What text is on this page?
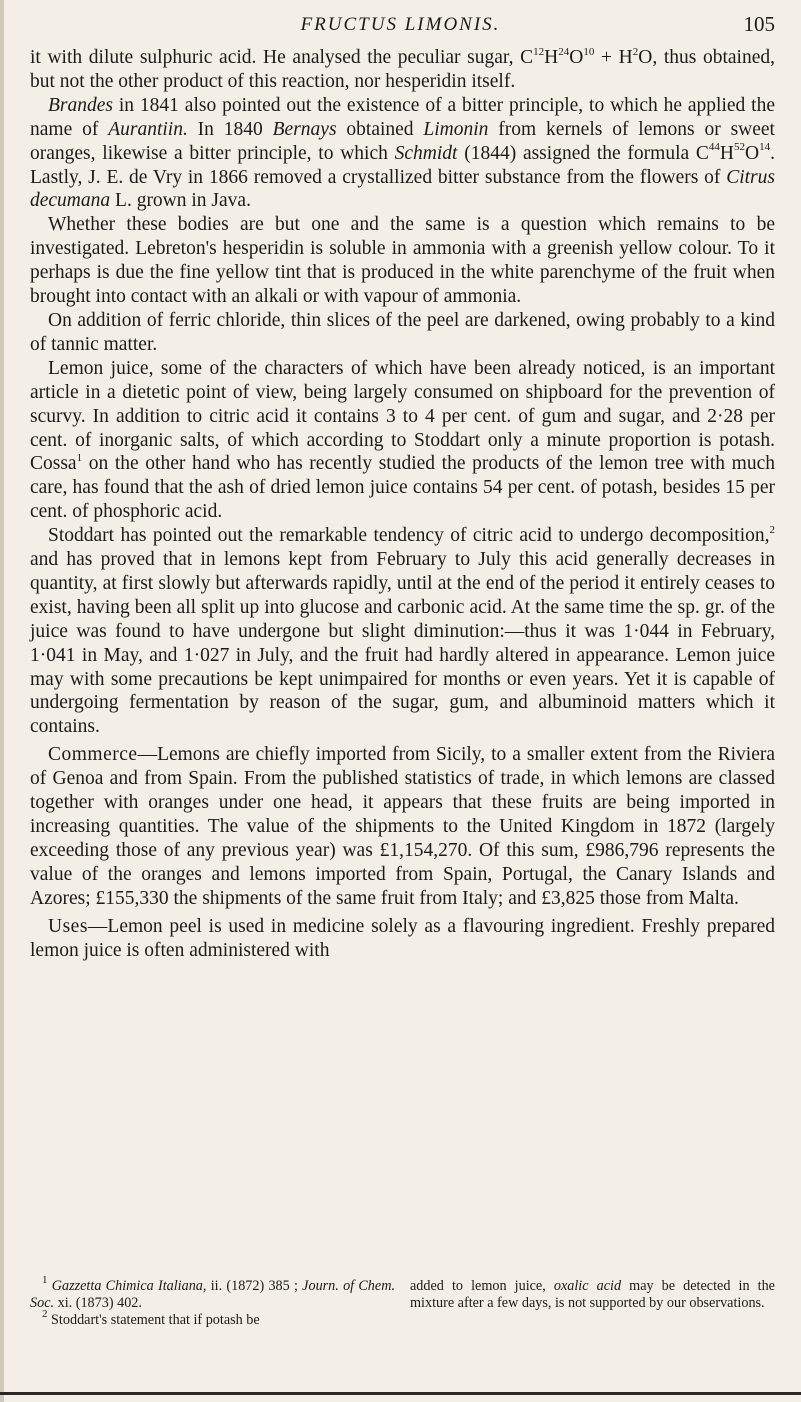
FRUCTUS LIMONIS.	105

it with dilute sulphuric acid. He analysed the peculiar sugar, $C^{12}H^{24}O^{10} + H^2O$, thus obtained, but not the other product of this reaction, nor hesperidin itself.

Brandes in 1841 also pointed out the existence of a bitter principle, to which he applied the name of Aurantiin. In 1840 Bernays obtained Limonin from kernels of lemons or sweet oranges, likewise a bitter principle, to which Schmidt (1844) assigned the formula $C^{44}H^{52}O^{14}$. Lastly, J. E. de Vry in 1866 removed a crystallized bitter substance from the flowers of Citrus decumana L. grown in Java.

Whether these bodies are but one and the same is a question which remains to be investigated. Lebreton's hesperidin is soluble in ammonia with a greenish yellow colour. To it perhaps is due the fine yellow tint that is produced in the white parenchyme of the fruit when brought into contact with an alkali or with vapour of ammonia.

On addition of ferric chloride, thin slices of the peel are darkened, owing probably to a kind of tannic matter.

Lemon juice, some of the characters of which have been already noticed, is an important article in a dietetic point of view, being largely consumed on shipboard for the prevention of scurvy. In addition to citric acid it contains 3 to 4 per cent. of gum and sugar, and 2·28 per cent. of inorganic salts, of which according to Stoddart only a minute proportion is potash. Cossa$^1$ on the other hand who has recently studied the products of the lemon tree with much care, has found that the ash of dried lemon juice contains 54 per cent. of potash, besides 15 per cent. of phosphoric acid.

Stoddart has pointed out the remarkable tendency of citric acid to undergo decomposition,$^2$ and has proved that in lemons kept from February to July this acid generally decreases in quantity, at first slowly but afterwards rapidly, until at the end of the period it entirely ceases to exist, having been all split up into glucose and carbonic acid. At the same time the sp. gr. of the juice was found to have undergone but slight diminution:—thus it was 1·044 in February, 1·041 in May, and 1·027 in July, and the fruit had hardly altered in appearance. Lemon juice may with some precautions be kept unimpaired for months or even years. Yet it is capable of undergoing fermentation by reason of the sugar, gum, and albuminoid matters which it contains.

Commerce—Lemons are chiefly imported from Sicily, to a smaller extent from the Riviera of Genoa and from Spain. From the published statistics of trade, in which lemons are classed together with oranges under one head, it appears that these fruits are being imported in increasing quantities. The value of the shipments to the United Kingdom in 1872 (largely exceeding those of any previous year) was £1,154,270. Of this sum, £986,796 represents the value of the oranges and lemons imported from Spain, Portugal, the Canary Islands and Azores; £155,330 the shipments of the same fruit from Italy; and £3,825 those from Malta.

Uses—Lemon peel is used in medicine solely as a flavouring ingredient. Freshly prepared lemon juice is often administered with

$^1$ Gazzetta Chimica Italiana, ii. (1872) 385 ; Journ. of Chem. Soc. xi. (1873) 402.

$^2$ Stoddart's statement that if potash be

added to lemon juice, oxalic acid may be detected in the mixture after a few days, is not supported by our observations.
